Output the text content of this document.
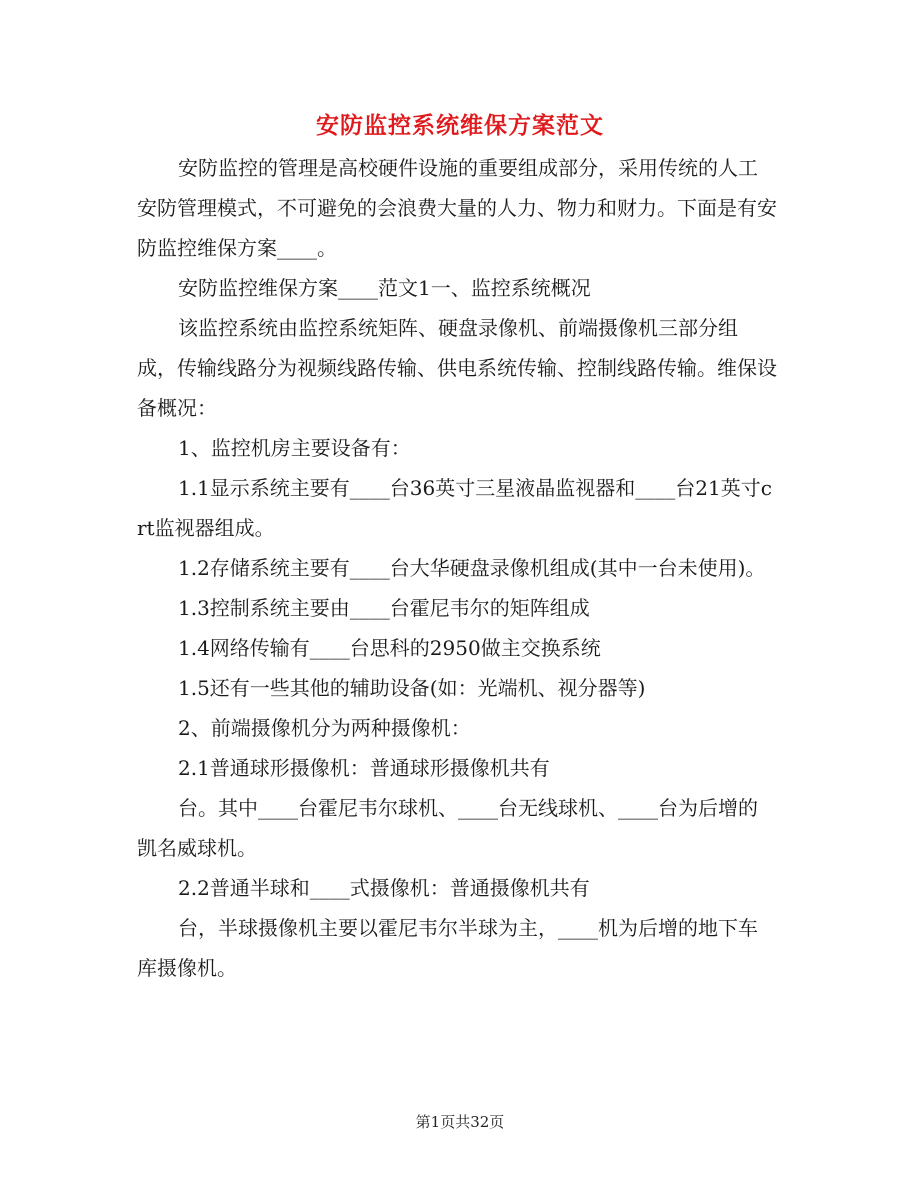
安防监控系统维保方案范文

安防监控的管理是高校硬件设施的重要组成部分，采用传统的人工安防管理模式，不可避免的会浪费大量的人力、物力和财力。下面是有安防监控维保方案____。

安防监控维保方案____范文1一、监控系统概况

该监控系统由监控系统矩阵、硬盘录像机、前端摄像机三部分组成，传输线路分为视频线路传输、供电系统传输、控制线路传输。维保设备概况：

1、监控机房主要设备有：

1.1显示系统主要有____台36英寸三星液晶监视器和____台21英寸crt监视器组成。

1.2存储系统主要有____台大华硬盘录像机组成(其中一台未使用)。

1.3控制系统主要由____台霍尼韦尔的矩阵组成

1.4网络传输有____台思科的2950做主交换系统

1.5还有一些其他的辅助设备(如：光端机、视分器等)

2、前端摄像机分为两种摄像机：

2.1普通球形摄像机：普通球形摄像机共有

台。其中____台霍尼韦尔球机、____台无线球机、____台为后增的凯名威球机。

2.2普通半球和____式摄像机：普通摄像机共有

台，半球摄像机主要以霍尼韦尔半球为主，____机为后增的地下车库摄像机。

第1页共32页
